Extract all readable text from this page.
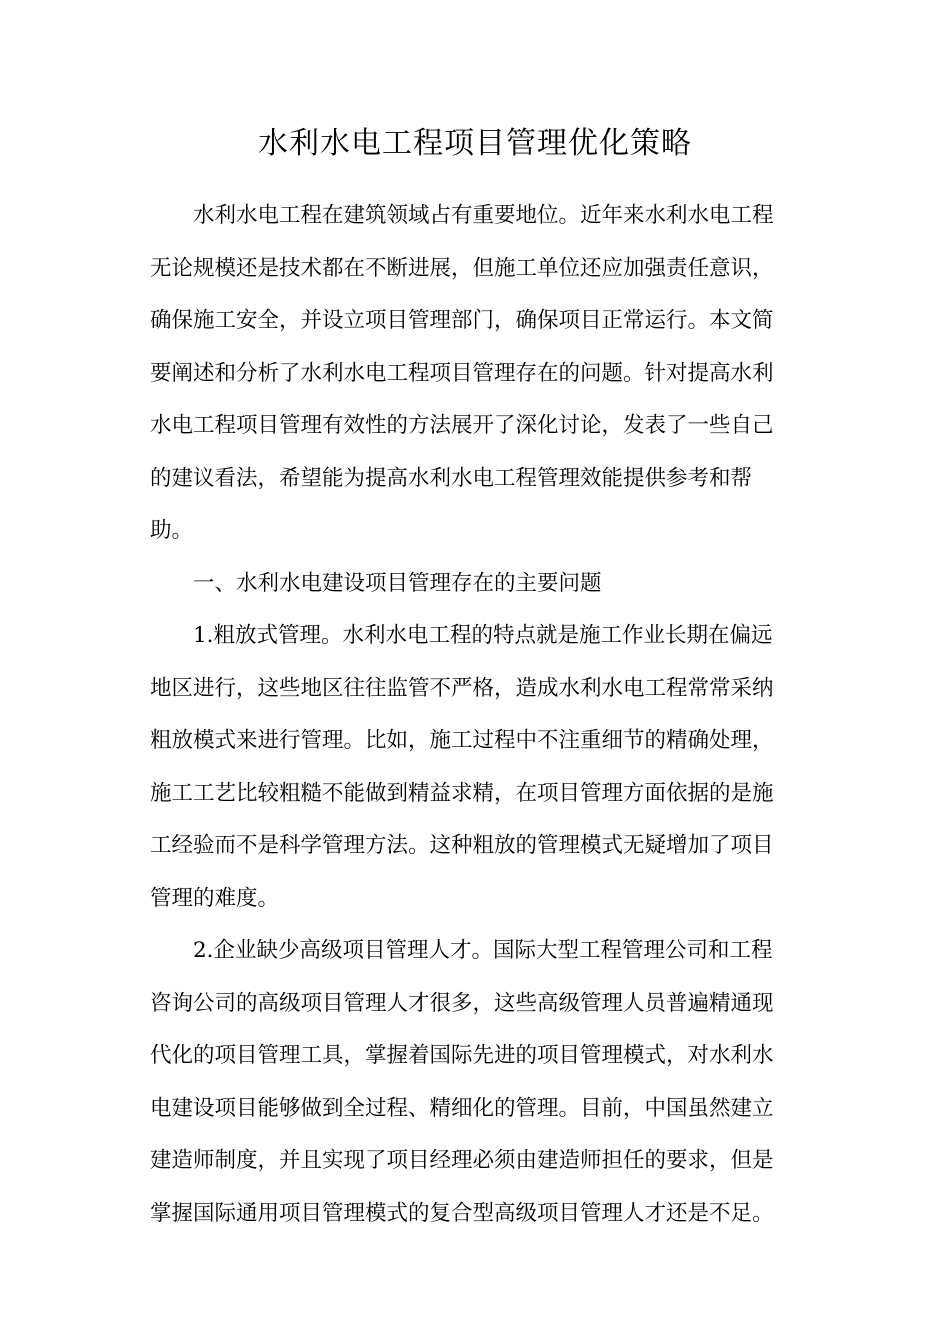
水利水电工程项目管理优化策略

水利水电工程在建筑领域占有重要地位。近年来水利水电工程
无论规模还是技术都在不断进展，但施工单位还应加强责任意识，
确保施工安全，并设立项目管理部门，确保项目正常运行。本文简
要阐述和分析了水利水电工程项目管理存在的问题。针对提高水利
水电工程项目管理有效性的方法展开了深化讨论，发表了一些自己
的建议看法，希望能为提高水利水电工程管理效能提供参考和帮
助。

一、水利水电建设项目管理存在的主要问题

1.粗放式管理。水利水电工程的特点就是施工作业长期在偏远
地区进行，这些地区往往监管不严格，造成水利水电工程常常采纳
粗放模式来进行管理。比如，施工过程中不注重细节的精确处理，
施工工艺比较粗糙不能做到精益求精，在项目管理方面依据的是施
工经验而不是科学管理方法。这种粗放的管理模式无疑增加了项目
管理的难度。

2.企业缺少高级项目管理人才。国际大型工程管理公司和工程
咨询公司的高级项目管理人才很多，这些高级管理人员普遍精通现
代化的项目管理工具，掌握着国际先进的项目管理模式，对水利水
电建设项目能够做到全过程、精细化的管理。目前，中国虽然建立
建造师制度，并且实现了项目经理必须由建造师担任的要求，但是
掌握国际通用项目管理模式的复合型高级项目管理人才还是不足。
